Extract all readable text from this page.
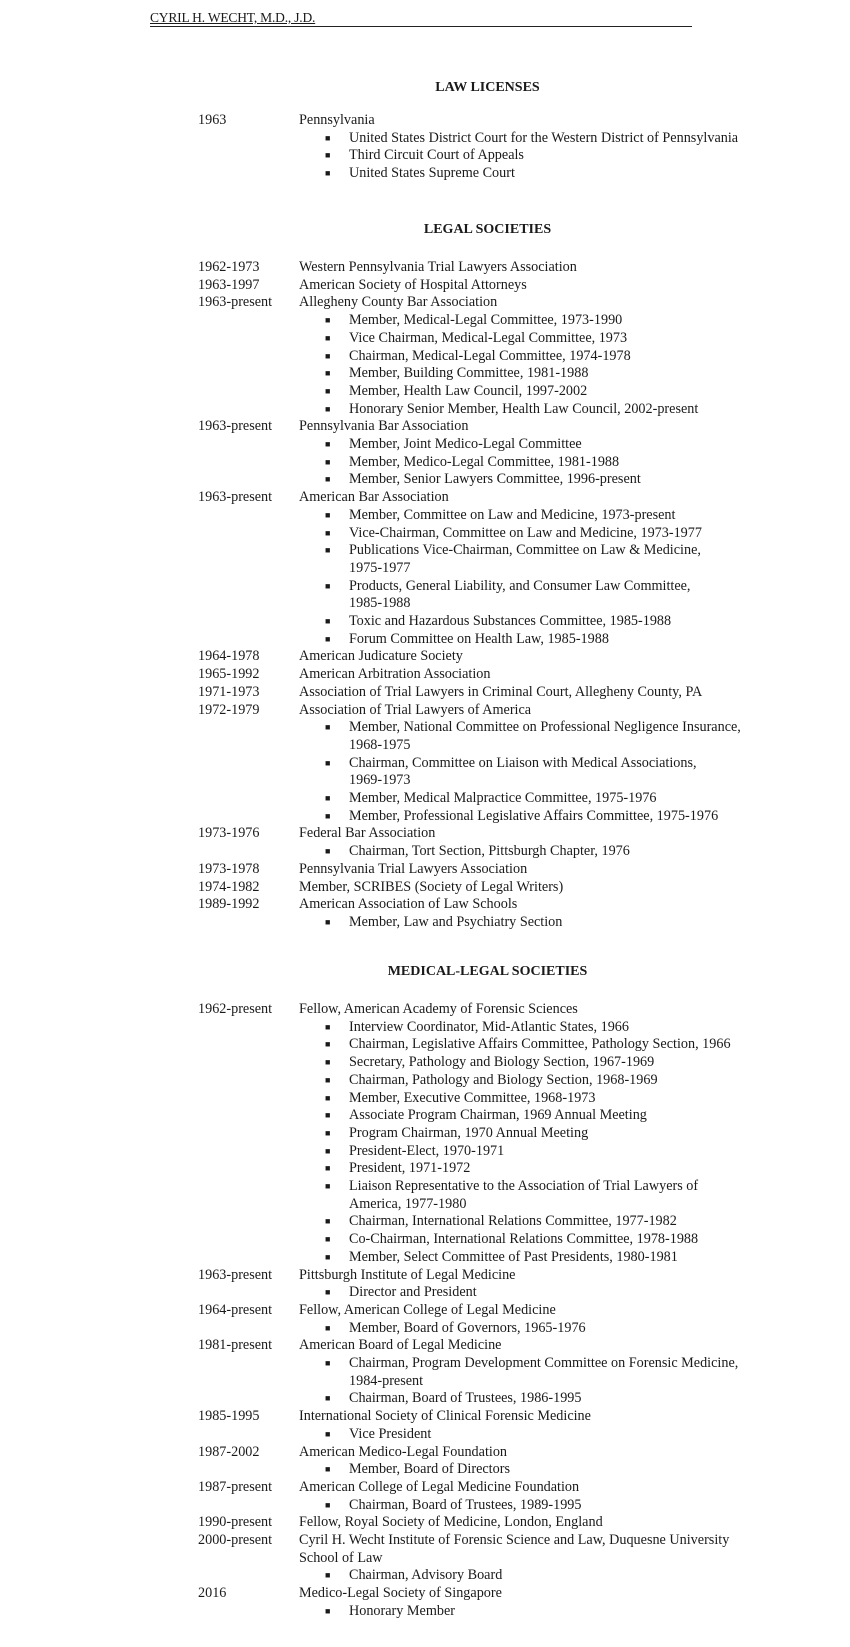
CYRIL H. WECHT, M.D., J.D.
LAW LICENSES
1963	Pennsylvania
■ United States District Court for the Western District of Pennsylvania
■ Third Circuit Court of Appeals
■ United States Supreme Court
LEGAL SOCIETIES
1962-1973	Western Pennsylvania Trial Lawyers Association
1963-1997	American Society of Hospital Attorneys
1963-present Allegheny County Bar Association
■ Member, Medical-Legal Committee, 1973-1990
■ Vice Chairman, Medical-Legal Committee, 1973
■ Chairman, Medical-Legal Committee, 1974-1978
■ Member, Building Committee, 1981-1988
■ Member, Health Law Council, 1997-2002
■ Honorary Senior Member, Health Law Council, 2002-present
1963-present Pennsylvania Bar Association
■ Member, Joint Medico-Legal Committee
■ Member, Medico-Legal Committee, 1981-1988
■ Member, Senior Lawyers Committee, 1996-present
1963-present American Bar Association
■ Member, Committee on Law and Medicine, 1973-present
■ Vice-Chairman, Committee on Law and Medicine, 1973-1977
■ Publications Vice-Chairman, Committee on Law & Medicine,
1975-1977
■ Products, General Liability, and Consumer Law Committee,
1985-1988
■ Toxic and Hazardous Substances Committee, 1985-1988
■ Forum Committee on Health Law, 1985-1988
1964-1978	American Judicature Society
1965-1992	American Arbitration Association
1971-1973	Association of Trial Lawyers in Criminal Court, Allegheny County, PA
1972-1979	Association of Trial Lawyers of America
■ Member, National Committee on Professional Negligence Insurance,
1968-1975
■ Chairman, Committee on Liaison with Medical Associations,
1969-1973
■ Member, Medical Malpractice Committee, 1975-1976
■ Member, Professional Legislative Affairs Committee, 1975-1976
1973-1976	Federal Bar Association
■ Chairman, Tort Section, Pittsburgh Chapter, 1976
1973-1978	Pennsylvania Trial Lawyers Association
1974-1982	Member, SCRIBES (Society of Legal Writers)
1989-1992	American Association of Law Schools
■ Member, Law and Psychiatry Section
MEDICAL-LEGAL SOCIETIES
1962-present Fellow, American Academy of Forensic Sciences
■ Interview Coordinator, Mid-Atlantic States, 1966
■ Chairman, Legislative Affairs Committee, Pathology Section, 1966
■ Secretary, Pathology and Biology Section, 1967-1969
■ Chairman, Pathology and Biology Section, 1968-1969
■ Member, Executive Committee, 1968-1973
■ Associate Program Chairman, 1969 Annual Meeting
■ Program Chairman, 1970 Annual Meeting
■ President-Elect, 1970-1971
■ President, 1971-1972
■ Liaison Representative to the Association of Trial Lawyers of
America, 1977-1980
■ Chairman, International Relations Committee, 1977-1982
■ Co-Chairman, International Relations Committee, 1978-1988
■ Member, Select Committee of Past Presidents, 1980-1981
1963-present Pittsburgh Institute of Legal Medicine
■ Director and President
1964-present Fellow, American College of Legal Medicine
■ Member, Board of Governors, 1965-1976
1981-present American Board of Legal Medicine
■ Chairman, Program Development Committee on Forensic Medicine,
1984-present
■ Chairman, Board of Trustees, 1986-1995
1985-1995	International Society of Clinical Forensic Medicine
■ Vice President
1987-2002	American Medico-Legal Foundation
■ Member, Board of Directors
1987-present American College of Legal Medicine Foundation
■ Chairman, Board of Trustees, 1989-1995
1990-present Fellow, Royal Society of Medicine, London, England
2000-present Cyril H. Wecht Institute of Forensic Science and Law, Duquesne University
School of Law
■ Chairman, Advisory Board
2016	Medico-Legal Society of Singapore
■ Honorary Member
